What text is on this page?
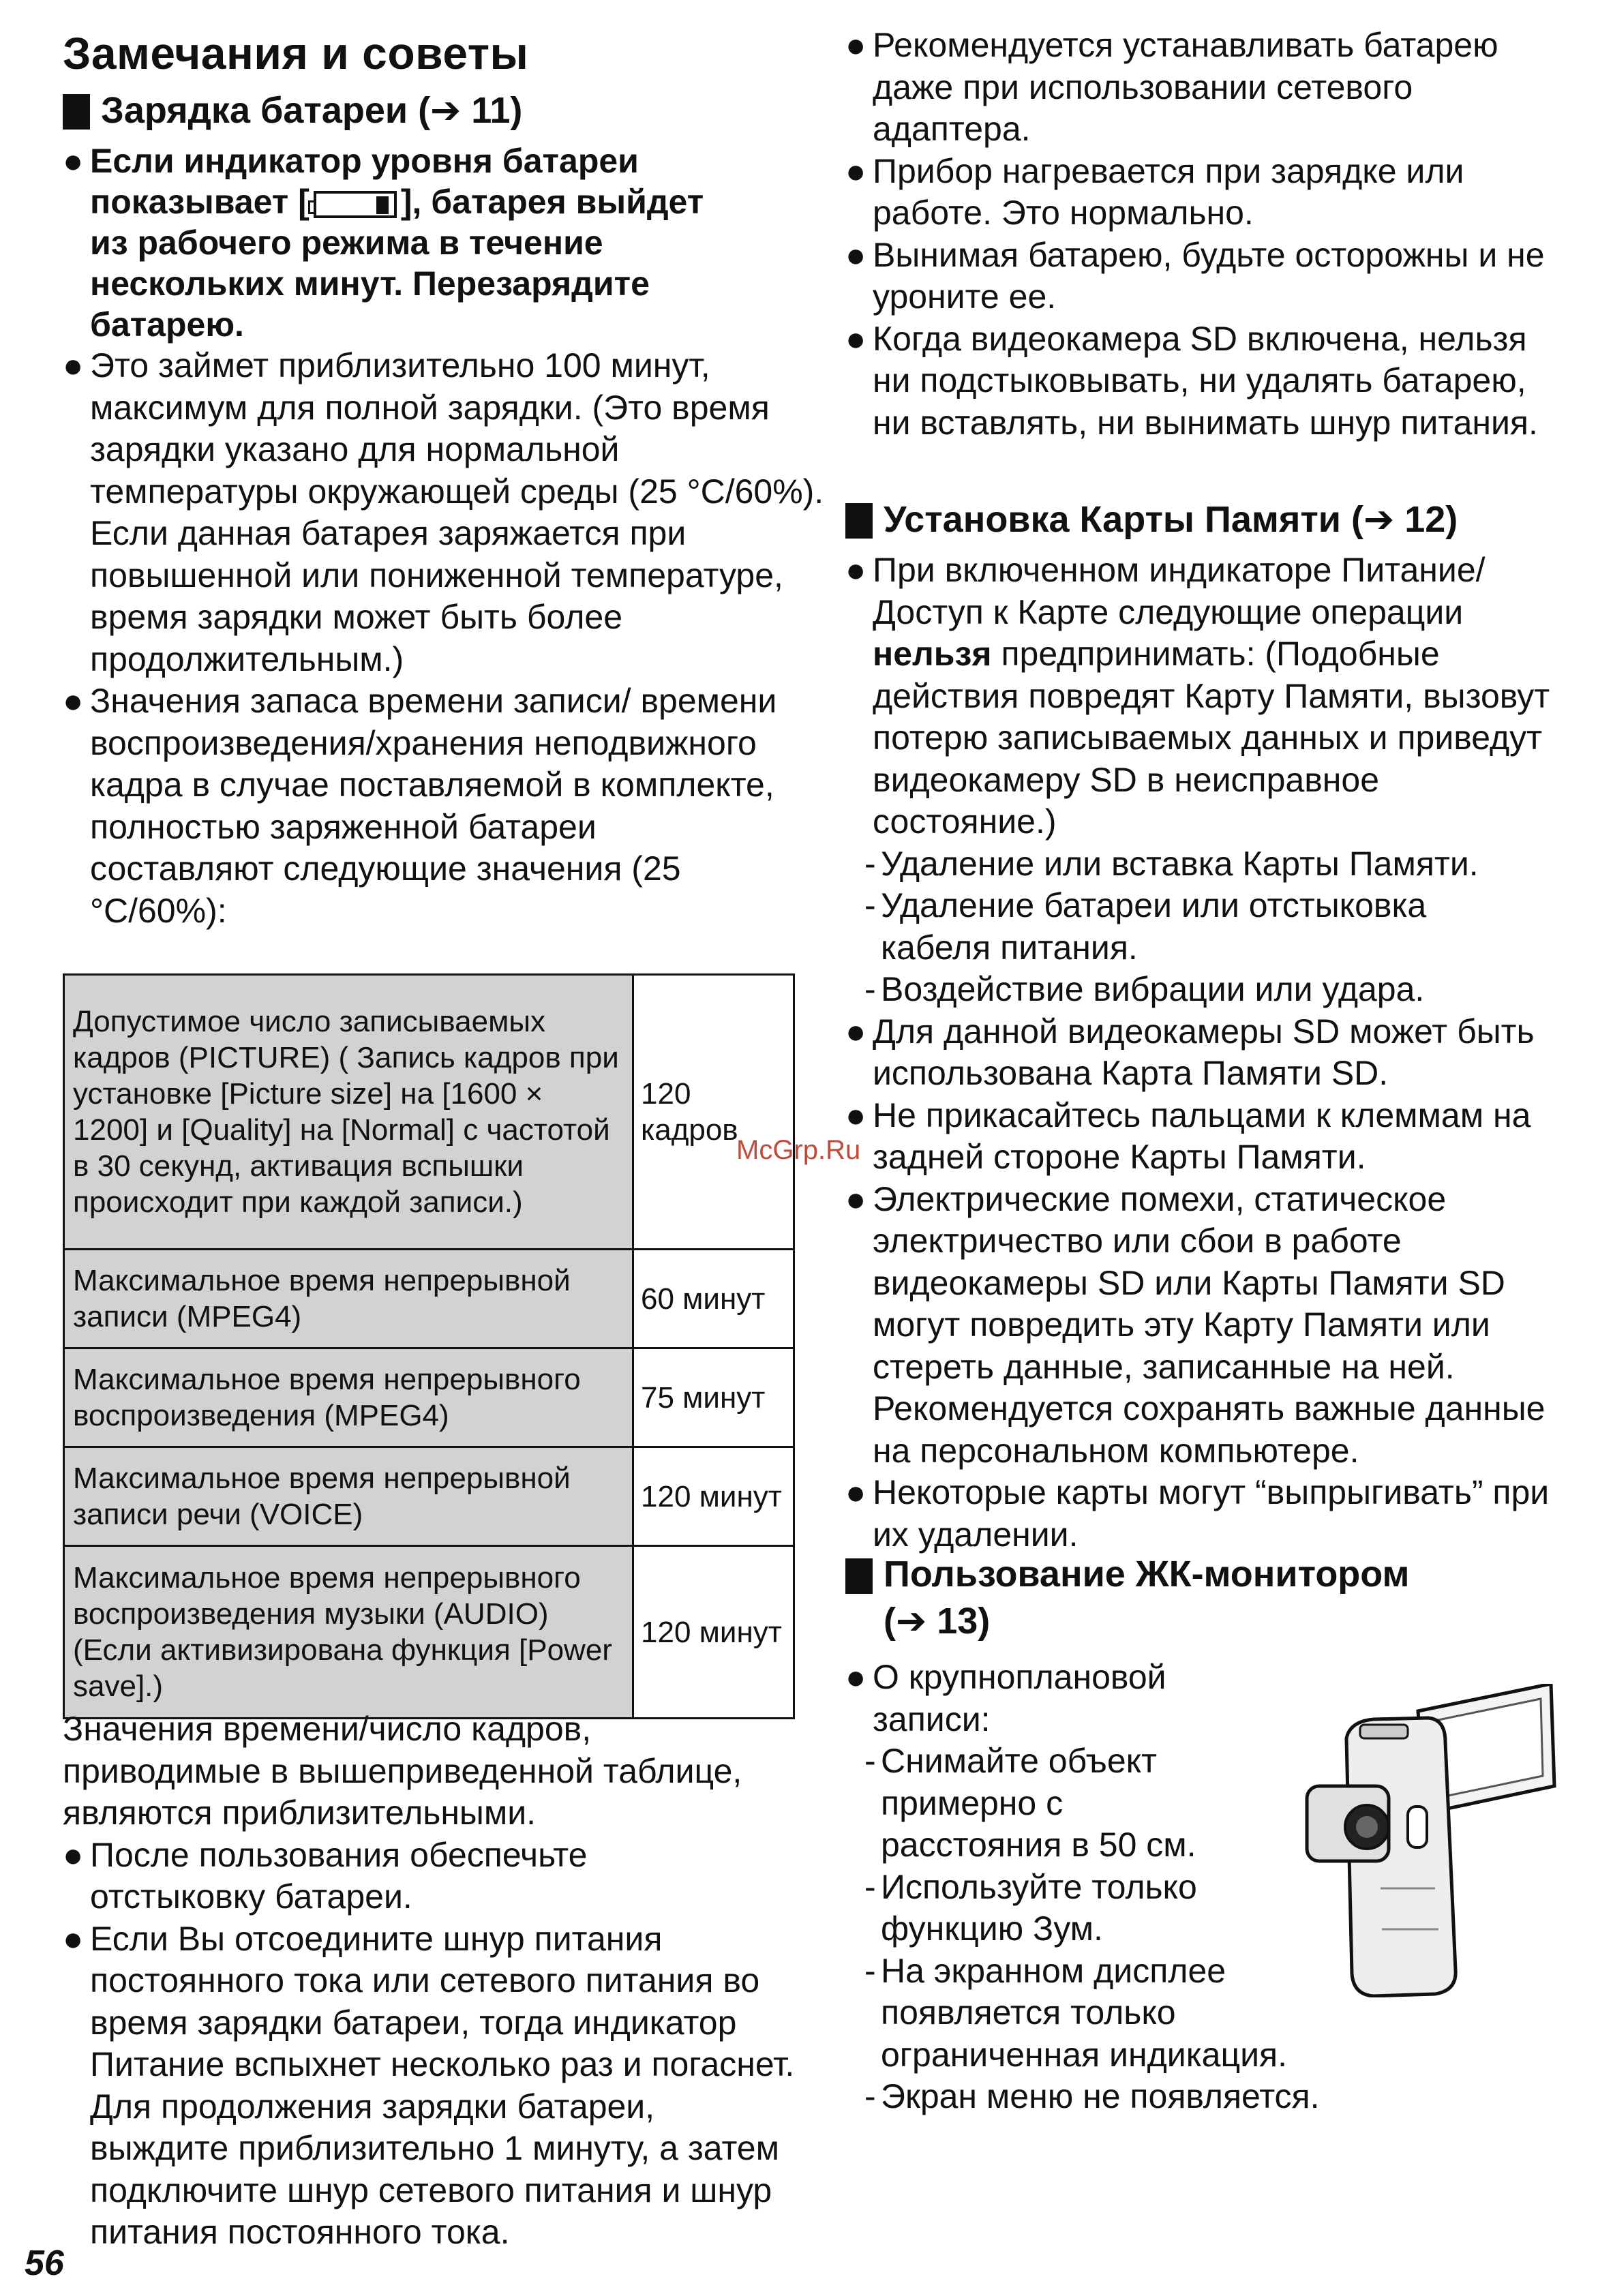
Замечания и советы
Зарядка батареи (➔ 11)
● Если индикатор уровня батареи

показывает [	], батарея выйдет

из рабочего режима в течение

нескольких минут. Перезарядите

батарею.

● Это займет приблизительно 100 минут, максимум для полной зарядки. (Это время зарядки указано для нормальной температуры окружающей среды (25 °C/60%). Если данная батарея заряжается при повышенной или пониженной температуре, время зарядки может быть более продолжительным.)

● Значения запаса времени записи/ времени воспроизведения/хранения неподвижного кадра в случае поставляемой в комплекте, полностью заряженной батареи составляют следующие значения (25 °C/60%):

Допустимое число записываемых кадров (PICTURE) ( Запись кадров при установке [Picture size] на [1600 × 1200] и [Quality] на [Normal] с частотой в 30 секунд, активация вспышки происходит при каждой записи.)	120 кадров
Максимальное время непрерывной записи (MPEG4)	60 минут
Максимальное время непрерывного воспроизведения (MPEG4)	75 минут
Максимальное время непрерывной записи речи (VOICE)	120 минут
Максимальное время непрерывного воспроизведения музыки (AUDIO) (Если активизирована функция [Power save].)	120 минут

Значения времени/число кадров, приводимые в вышеприведенной таблице, являются приблизительными.

● После пользования обеспечьте отстыковку батареи.

● Если Вы отсоедините шнур питания постоянного тока или сетевого питания во время зарядки батареи, тогда индикатор Питание вспыхнет несколько раз и погаснет. Для продолжения зарядки батареи, выждите приблизительно 1 минуту, а затем подключите шнур сетевого питания и шнур питания постоянного тока.

● Рекомендуется устанавливать батарею даже при использовании сетевого адаптера.

● Прибор нагревается при зарядке или работе. Это нормально.

● Вынимая батарею, будьте осторожны и не уроните ее.

● Когда видеокамера SD включена, нельзя ни подстыковывать, ни удалять батарею, ни вставлять, ни вынимать шнур питания.

Установка Карты Памяти (➔ 12)
● При включенном индикаторе Питание/ Доступ к Карте следующие операции нельзя предпринимать: (Подобные действия повредят Карту Памяти, вызовут потерю записываемых данных и приведут видеокамеру SD в неисправное состояние.)

- Удаление или вставка Карты Памяти.

- Удаление батареи или отстыковка кабеля питания.

- Воздействие вибрации или удара.

● Для данной видеокамеры SD может быть использована Карта Памяти SD.

● Не прикасайтесь пальцами к клеммам на задней стороне Карты Памяти.

● Электрические помехи, статическое электричество или сбои в работе видеокамеры SD или Карты Памяти SD могут повредить эту Карту Памяти или стереть данные, записанные на ней. Рекомендуется сохранять важные данные на персональном компьютере.

● Некоторые карты могут “выпрыгивать” при их удалении.

Пользование ЖК-монитором
(➔ 13)
● О крупноплановой

записи:

- Снимайте объект

примерно с

расстояния в 50 см.

- Используйте только

функцию Зум.

- На экранном дисплее

появляется только

ограниченная индикация.

- Экран меню не появляется.

McGrp.Ru
56
